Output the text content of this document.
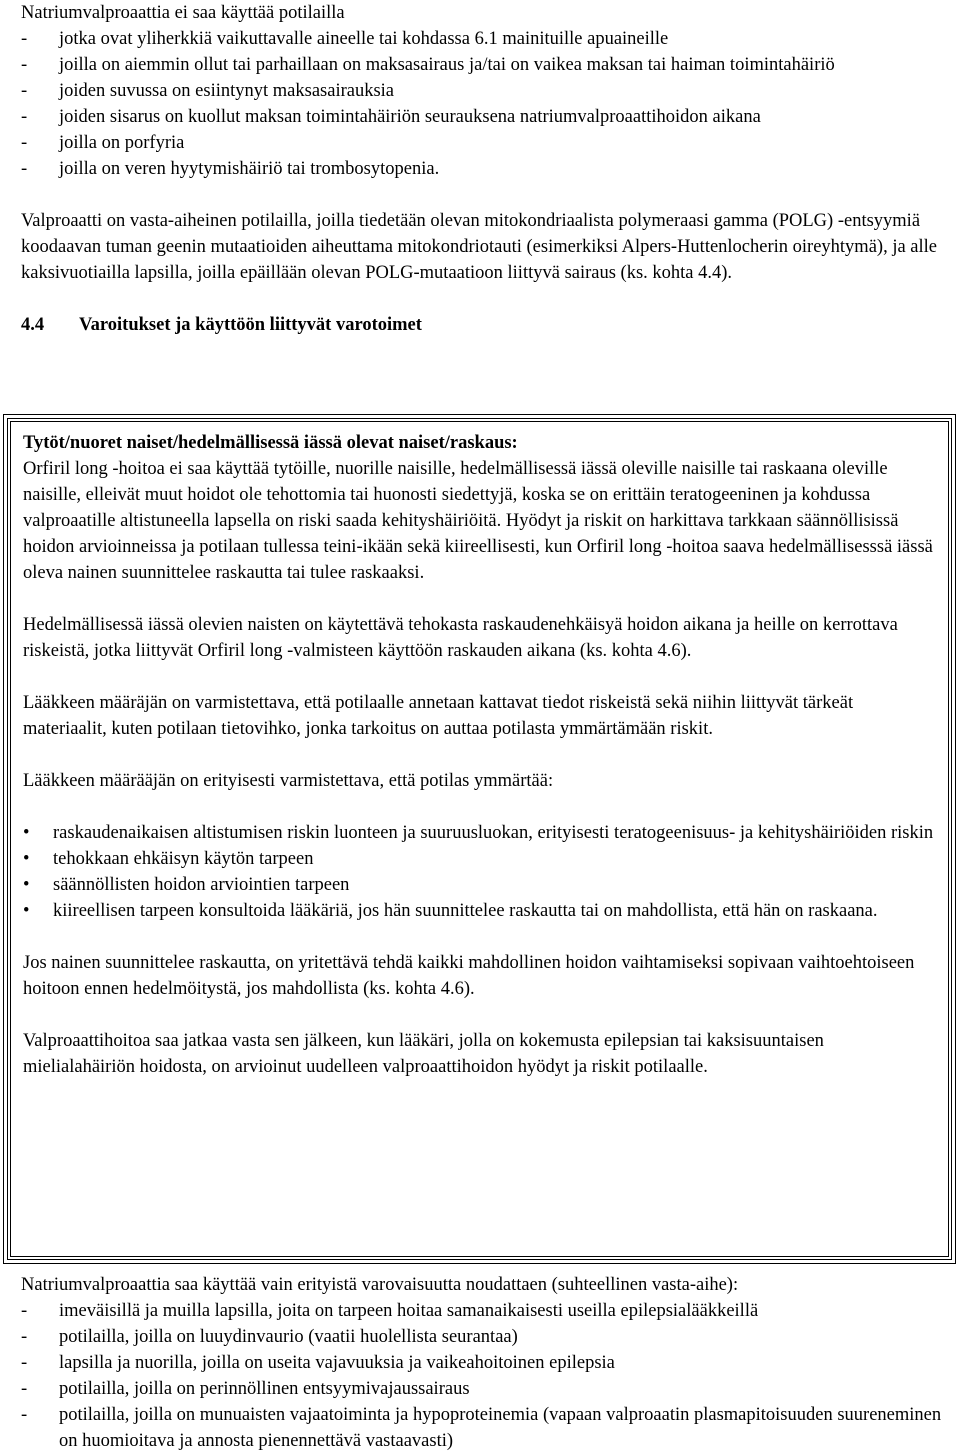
Natriumvalproaattia ei saa käyttää potilailla

- jotka ovat yliherkkiä vaikuttavalle aineelle tai kohdassa 6.1 mainituille apuaineille
- joilla on aiemmin ollut tai parhaillaan on maksasairaus ja/tai on vaikea maksan tai haiman toimintahäiriö
- joiden suvussa on esiintynyt maksasairauksia
- joiden sisarus on kuollut maksan toimintahäiriön seurauksena natriumvalproaattihoidon aikana
- joilla on porfyria
- joilla on veren hyytymishäiriö tai trombosytopenia.

Valproaatti on vasta-aiheinen potilailla, joilla tiedetään olevan mitokondriaalista polymeraasi gamma (POLG) -entsyymiä koodaavan tuman geenin mutaatioiden aiheuttama mitokondriotauti (esimerkiksi Alpers-Huttenlocherin oireyhtymä), ja alle kaksivuotiailla lapsilla, joilla epäillään olevan POLG-mutaatioon liittyvä sairaus (ks. kohta 4.4).

4.4 Varoitukset ja käyttöön liittyvät varotoimet

Tytöt/nuoret naiset/hedelmällisessä iässä olevat naiset/raskaus:

Orfiril long -hoitoa ei saa käyttää tytöille, nuorille naisille, hedelmällisessä iässä oleville naisille tai raskaana oleville naisille, elleivät muut hoidot ole tehottomia tai huonosti siedettyjä, koska se on erittäin teratogeeninen ja kohdussa valproaatille altistuneella lapsella on riski saada kehityshäiriöitä. Hyödyt ja riskit on harkittava tarkkaan säännöllisissä hoidon arvioinneissa ja potilaan tullessa teini-ikään sekä kiireellisesti, kun Orfiril long -hoitoa saava hedelmällisesssä iässä oleva nainen suunnittelee raskautta tai tulee raskaaksi.

Hedelmällisessä iässä olevien naisten on käytettävä tehokasta raskaudenehkäisyä hoidon aikana ja heille on kerrottava riskeistä, jotka liittyvät Orfiril long -valmisteen käyttöön raskauden aikana (ks. kohta 4.6).

Lääkkeen määräjän on varmistettava, että potilaalle annetaan kattavat tiedot riskeistä sekä niihin liittyvät tärkeät materiaalit, kuten potilaan tietovihko, jonka tarkoitus on auttaa potilasta ymmärtämään riskit.

Lääkkeen määrääjän on erityisesti varmistettava, että potilas ymmärtää:

• raskaudenaikaisen altistumisen riskin luonteen ja suuruusluokan, erityisesti teratogeenisuus- ja kehityshäiriöiden riskin
• tehokkaan ehkäisyn käytön tarpeen
• säännöllisten hoidon arviointien tarpeen
• kiireellisen tarpeen konsultoida lääkäriä, jos hän suunnittelee raskautta tai on mahdollista, että hän on raskaana.

Jos nainen suunnittelee raskautta, on yritettävä tehdä kaikki mahdollinen hoidon vaihtamiseksi sopivaan vaihtoehtoiseen hoitoon ennen hedelmöitystä, jos mahdollista (ks. kohta 4.6).

Valproaattihoitoa saa jatkaa vasta sen jälkeen, kun lääkäri, jolla on kokemusta epilepsian tai kaksisuuntaisen mielialahäiriön hoidosta, on arvioinut uudelleen valproaattihoidon hyödyt ja riskit potilaalle.

Natriumvalproaattia saa käyttää vain erityistä varovaisuutta noudattaen (suhteellinen vasta-aihe):

- imeväisillä ja muilla lapsilla, joita on tarpeen hoitaa samanaikaisesti useilla epilepsialääkkeillä
- potilailla, joilla on luuydinvaurio (vaatii huolellista seurantaa)
- lapsilla ja nuorilla, joilla on useita vajavuuksia ja vaikeahoitoinen epilepsia
- potilailla, joilla on perinnöllinen entsyymivajaussairaus
- potilailla, joilla on munuaisten vajaatoiminta ja hypoproteinemia (vapaan valproaatin plasmapitoisuuden suureneminen on huomioitava ja annosta pienennettävä vastaavasti)
